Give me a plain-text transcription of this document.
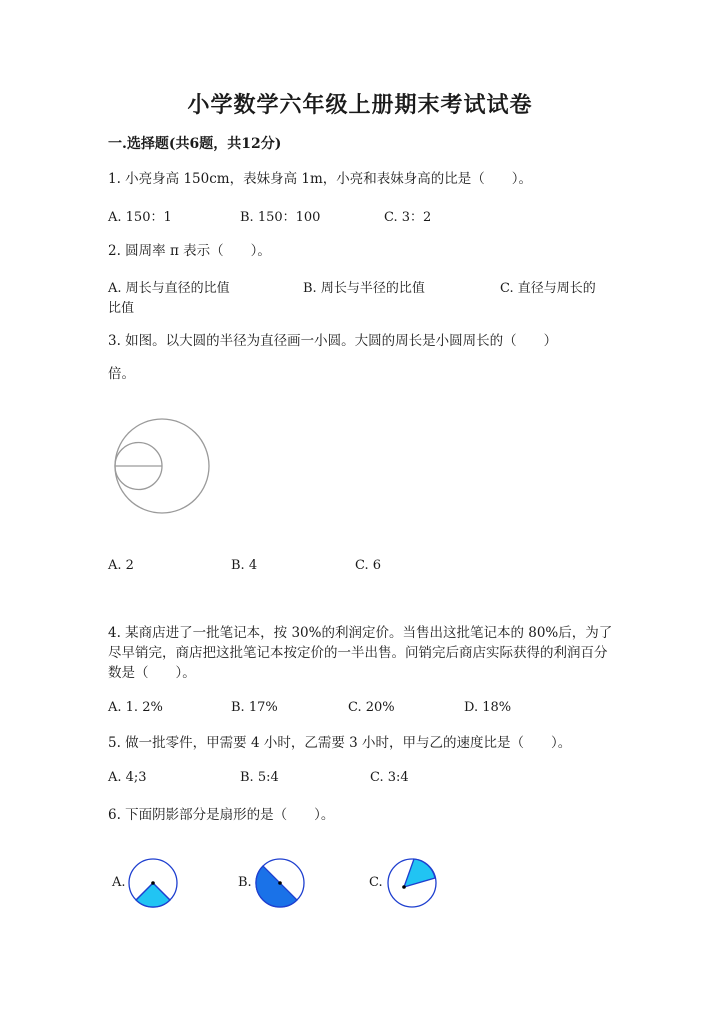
小学数学六年级上册期末考试试卷
一.选择题(共6题，共12分)
1. 小亮身高 150cm，表妹身高 1m，小亮和表妹身高的比是（　　）。
A. 150：1	B. 150：100	C. 3：2
2. 圆周率 π 表示（　　）。
A. 周长与直径的比值	B. 周长与半径的比值	C. 直径与周长的
比值
3. 如图。以大圆的半径为直径画一小圆。大圆的周长是小圆周长的（　　）
倍。
A. 2	B. 4	C. 6
4. 某商店进了一批笔记本，按 30%的利润定价。当售出这批笔记本的 80%后，为了尽早销完，商店把这批笔记本按定价的一半出售。问销完后商店实际获得的利润百分数是（　　）。
A. 1. 2%	B. 17%	C. 20%	D. 18%
5. 做一批零件，甲需要 4 小时，乙需要 3 小时，甲与乙的速度比是（　　）。
A. 4;3	B. 5:4	C. 3:4
6. 下面阴影部分是扇形的是（　　）。
A.	B.	C.
